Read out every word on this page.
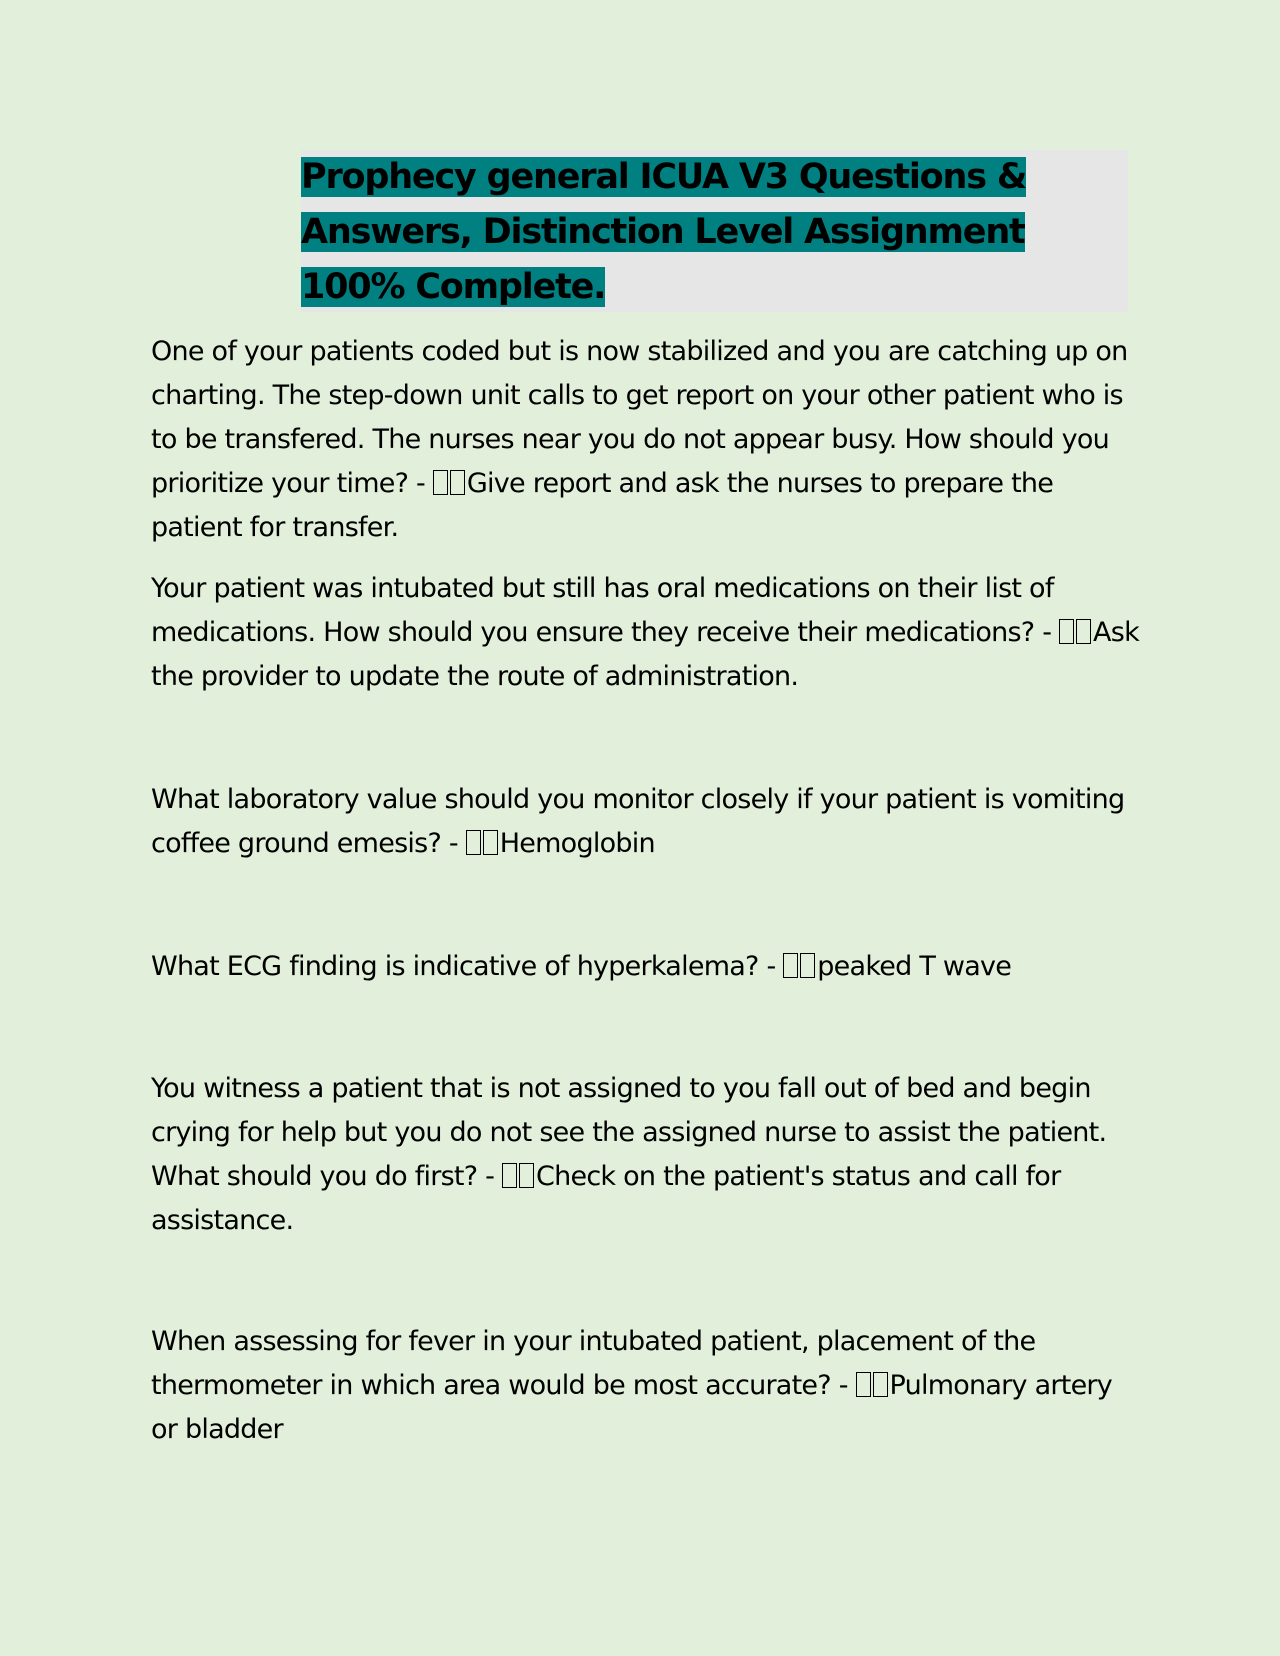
Prophecy general ICUA V3 Questions & Answers, Distinction Level Assignment 100% Complete.

One of your patients coded but is now stabilized and you are catching up on charting. The step-down unit calls to get report on your other patient who is to be transfered. The nurses near you do not appear busy. How should you prioritize your time? - Give report and ask the nurses to prepare the patient for transfer.

Your patient was intubated but still has oral medications on their list of medications. How should you ensure they receive their medications? - Ask the provider to update the route of administration.

What laboratory value should you monitor closely if your patient is vomiting coffee ground emesis? - Hemoglobin

What ECG finding is indicative of hyperkalema? - peaked T wave

You witness a patient that is not assigned to you fall out of bed and begin crying for help but you do not see the assigned nurse to assist the patient. What should you do first? - Check on the patient's status and call for assistance.

When assessing for fever in your intubated patient, placement of the thermometer in which area would be most accurate? - Pulmonary artery or bladder
